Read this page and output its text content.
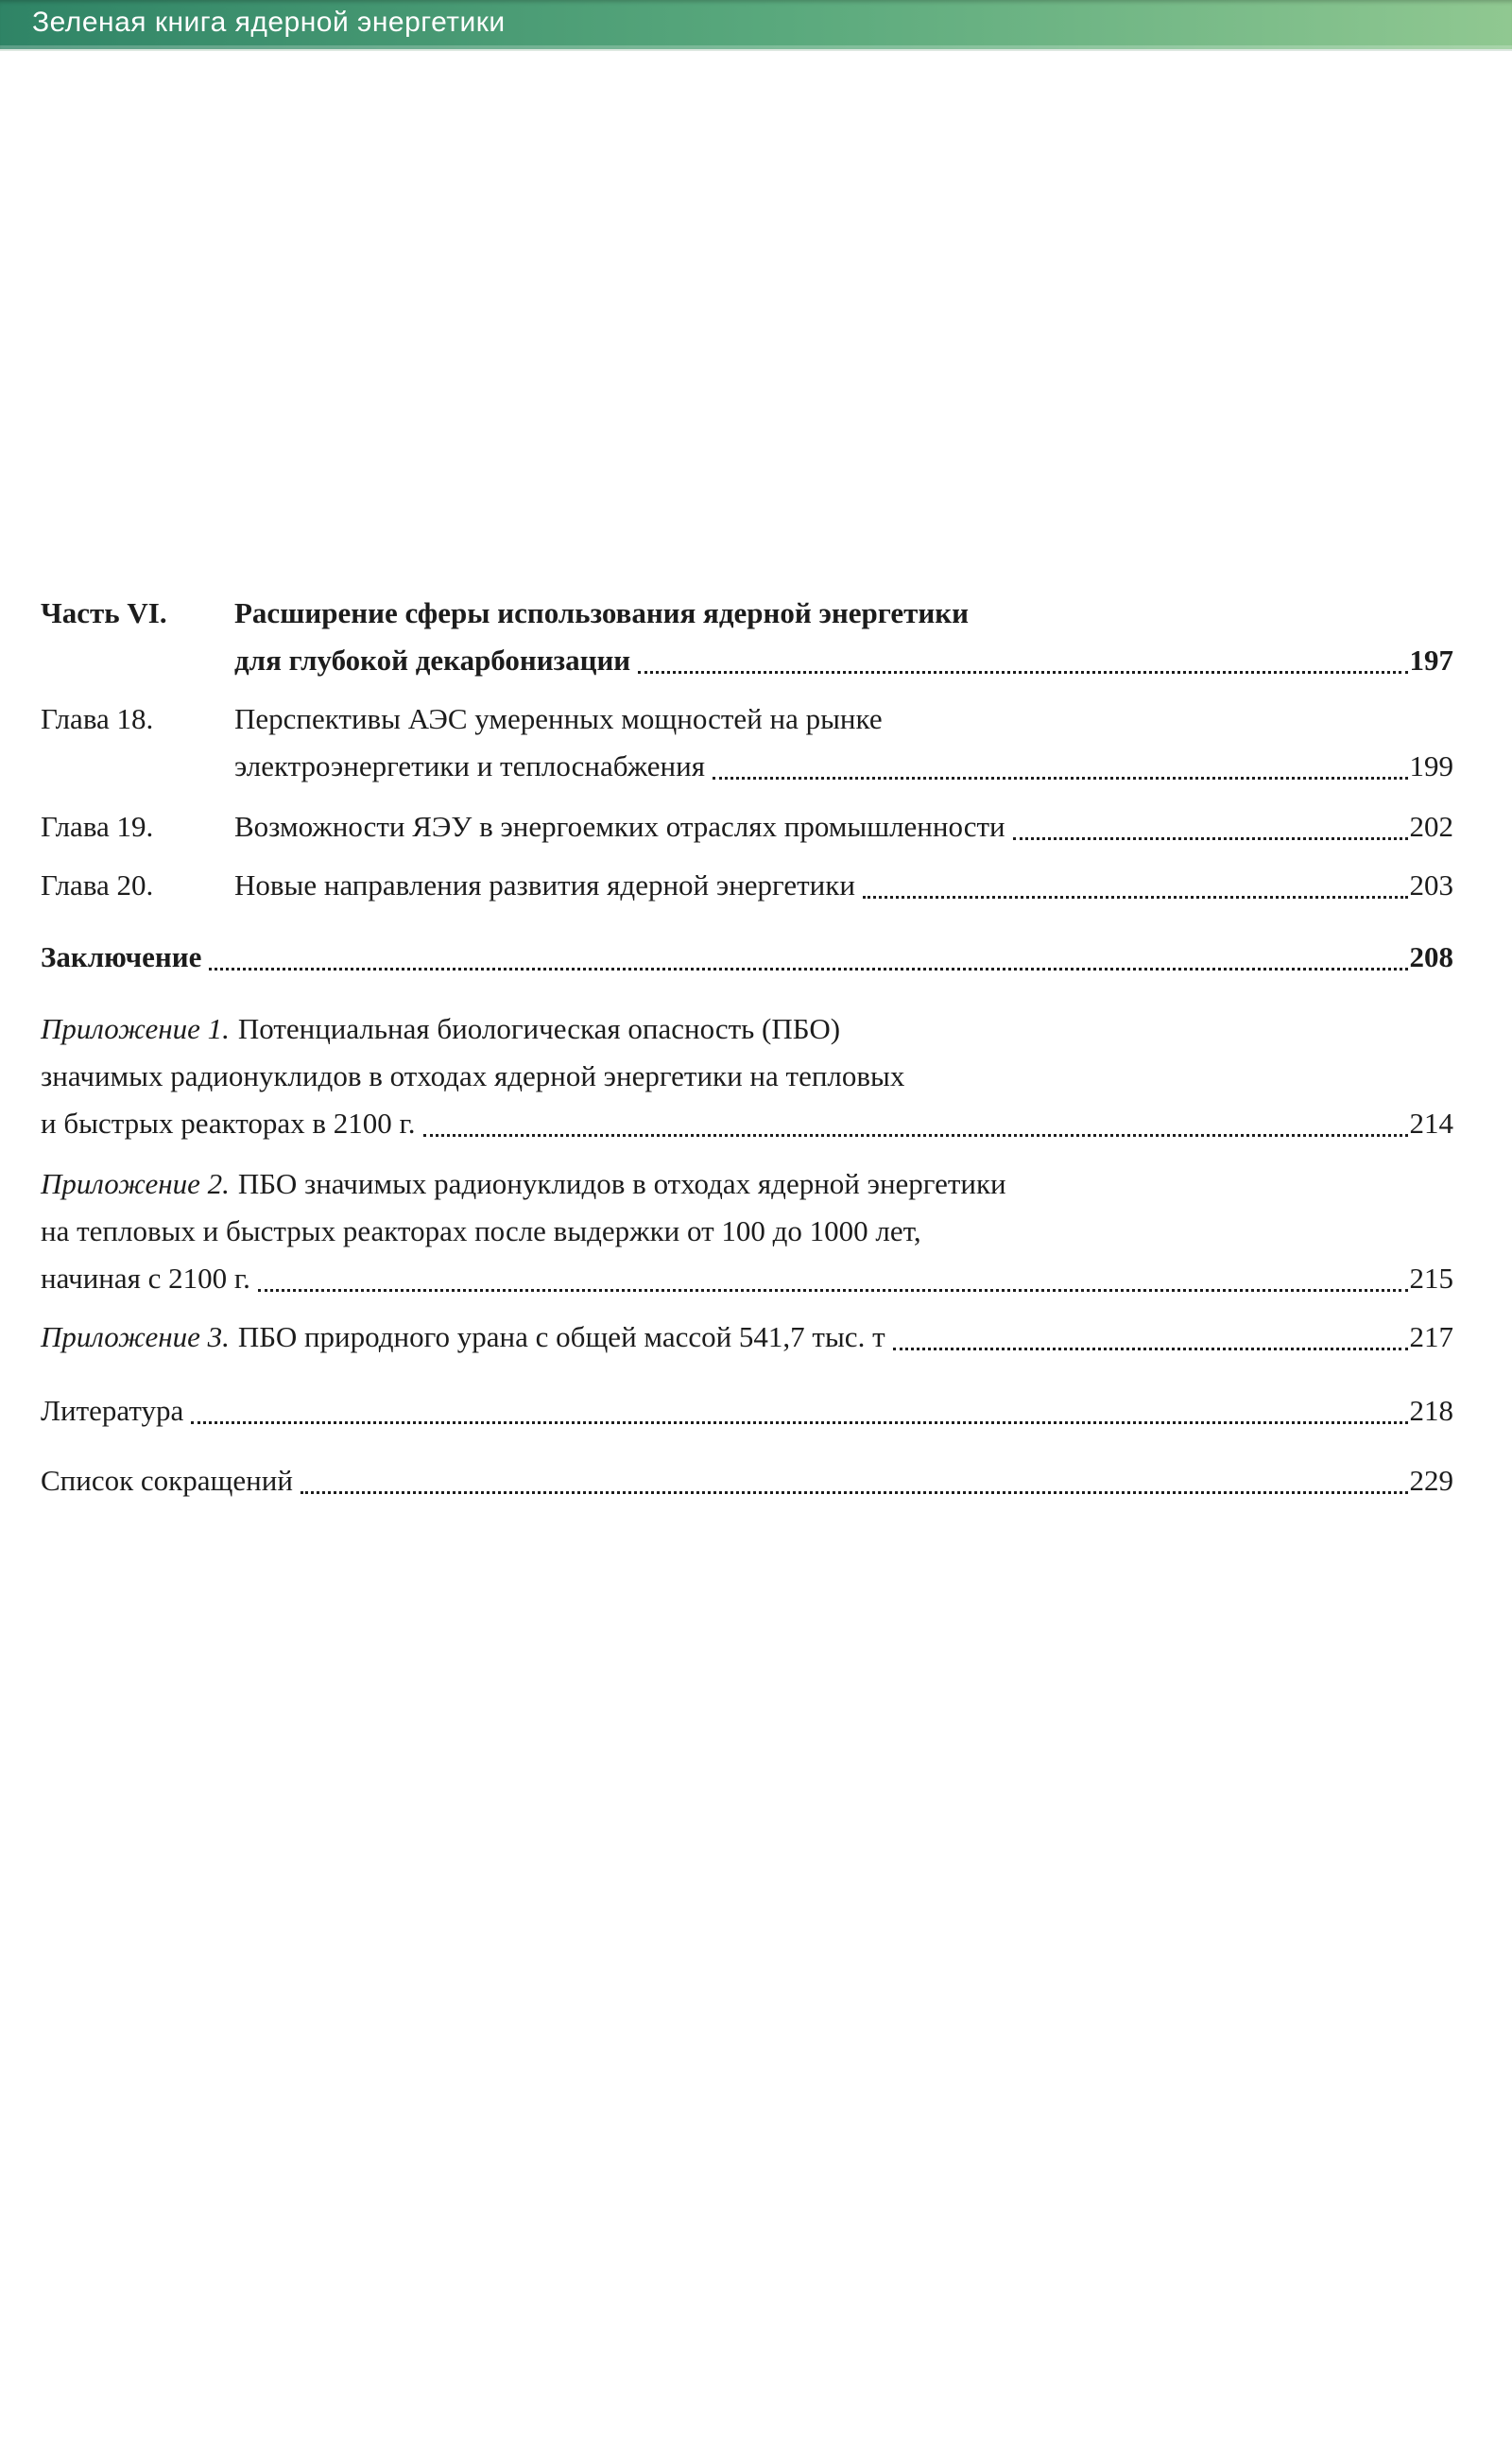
Зеленая книга ядерной энергетики
Часть VI.	Расширение сферы использования ядерной энергетики
для глубокой декарбонизации	197
Глава 18.	Перспективы АЭС умеренных мощностей на рынке
электроэнергетики и теплоснабжения	199
Глава 19.	Возможности ЯЭУ в энергоемких отраслях промышленности	202
Глава 20.	Новые направления развития ядерной энергетики	203
Заключение	208
Приложение 1. Потенциальная биологическая опасность (ПБО)
значимых радионуклидов в отходах ядерной энергетики на тепловых
и быстрых реакторах в 2100 г.	214
Приложение 2. ПБО значимых радионуклидов в отходах ядерной энергетики
на тепловых и быстрых реакторах после выдержки от 100 до 1000 лет,
начиная с 2100 г.	215
Приложение 3. ПБО природного урана с общей массой 541,7 тыс. т	217
Литература	218
Список сокращений	229
